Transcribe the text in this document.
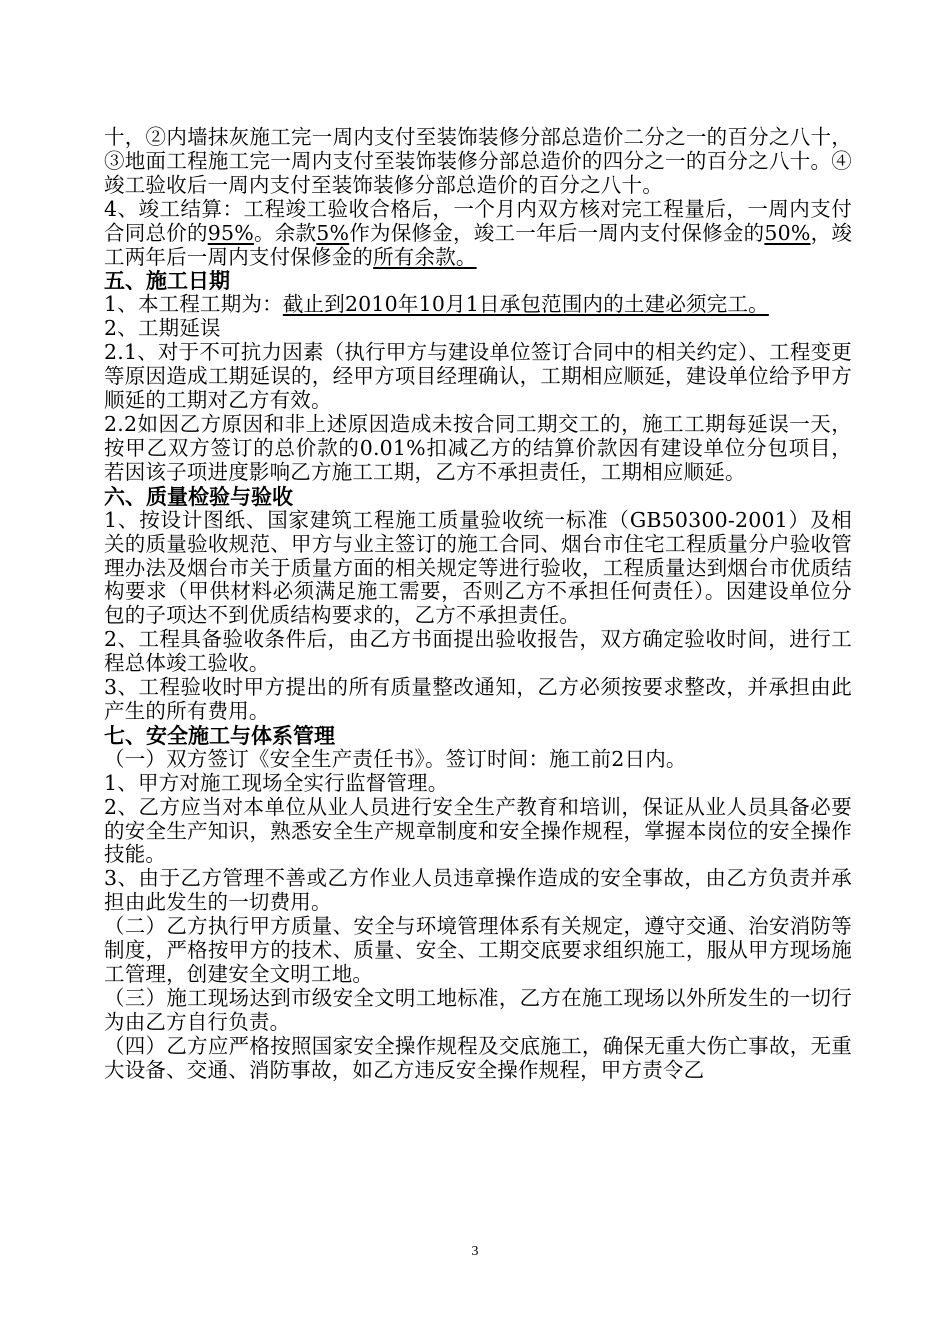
十，②内墙抹灰施工完一周内支付至装饰装修分部总造价二分之一的百分之八十，③地面工程施工完一周内支付至装饰装修分部总造价的四分之一的百分之八十。④竣工验收后一周内支付至装饰装修分部总造价的百分之八十。

4、竣工结算：工程竣工验收合格后，一个月内双方核对完工程量后，一周内支付合同总价的95%。余款5%作为保修金，竣工一年后一周内支付保修金的50%，竣工两年后一周内支付保修金的所有余款。

五、施工日期

1、本工程工期为：截止到2010年10月1日承包范围内的土建必须完工。

2、工期延误

2.1、对于不可抗力因素（执行甲方与建设单位签订合同中的相关约定）、工程变更等原因造成工期延误的，经甲方项目经理确认，工期相应顺延，建设单位给予甲方顺延的工期对乙方有效。

2.2如因乙方原因和非上述原因造成未按合同工期交工的，施工工期每延误一天，按甲乙双方签订的总价款的0.01%扣减乙方的结算价款因有建设单位分包项目，若因该子项进度影响乙方施工工期，乙方不承担责任，工期相应顺延。

六、质量检验与验收

1、按设计图纸、国家建筑工程施工质量验收统一标准（GB50300-2001）及相关的质量验收规范、甲方与业主签订的施工合同、烟台市住宅工程质量分户验收管理办法及烟台市关于质量方面的相关规定等进行验收，工程质量达到烟台市优质结构要求（甲供材料必须满足施工需要，否则乙方不承担任何责任）。因建设单位分包的子项达不到优质结构要求的，乙方不承担责任。

2、工程具备验收条件后，由乙方书面提出验收报告，双方确定验收时间，进行工程总体竣工验收。

3、工程验收时甲方提出的所有质量整改通知，乙方必须按要求整改，并承担由此产生的所有费用。

七、安全施工与体系管理

（一）双方签订《安全生产责任书》。签订时间：施工前2日内。

1、甲方对施工现场全实行监督管理。

2、乙方应当对本单位从业人员进行安全生产教育和培训，保证从业人员具备必要的安全生产知识，熟悉安全生产规章制度和安全操作规程，掌握本岗位的安全操作技能。

3、由于乙方管理不善或乙方作业人员违章操作造成的安全事故，由乙方负责并承担由此发生的一切费用。

（二）乙方执行甲方质量、安全与环境管理体系有关规定，遵守交通、治安消防等制度，严格按甲方的技术、质量、安全、工期交底要求组织施工，服从甲方现场施工管理，创建安全文明工地。

（三）施工现场达到市级安全文明工地标准，乙方在施工现场以外所发生的一切行为由乙方自行负责。

（四）乙方应严格按照国家安全操作规程及交底施工，确保无重大伤亡事故，无重大设备、交通、消防事故，如乙方违反安全操作规程，甲方责令乙

3
